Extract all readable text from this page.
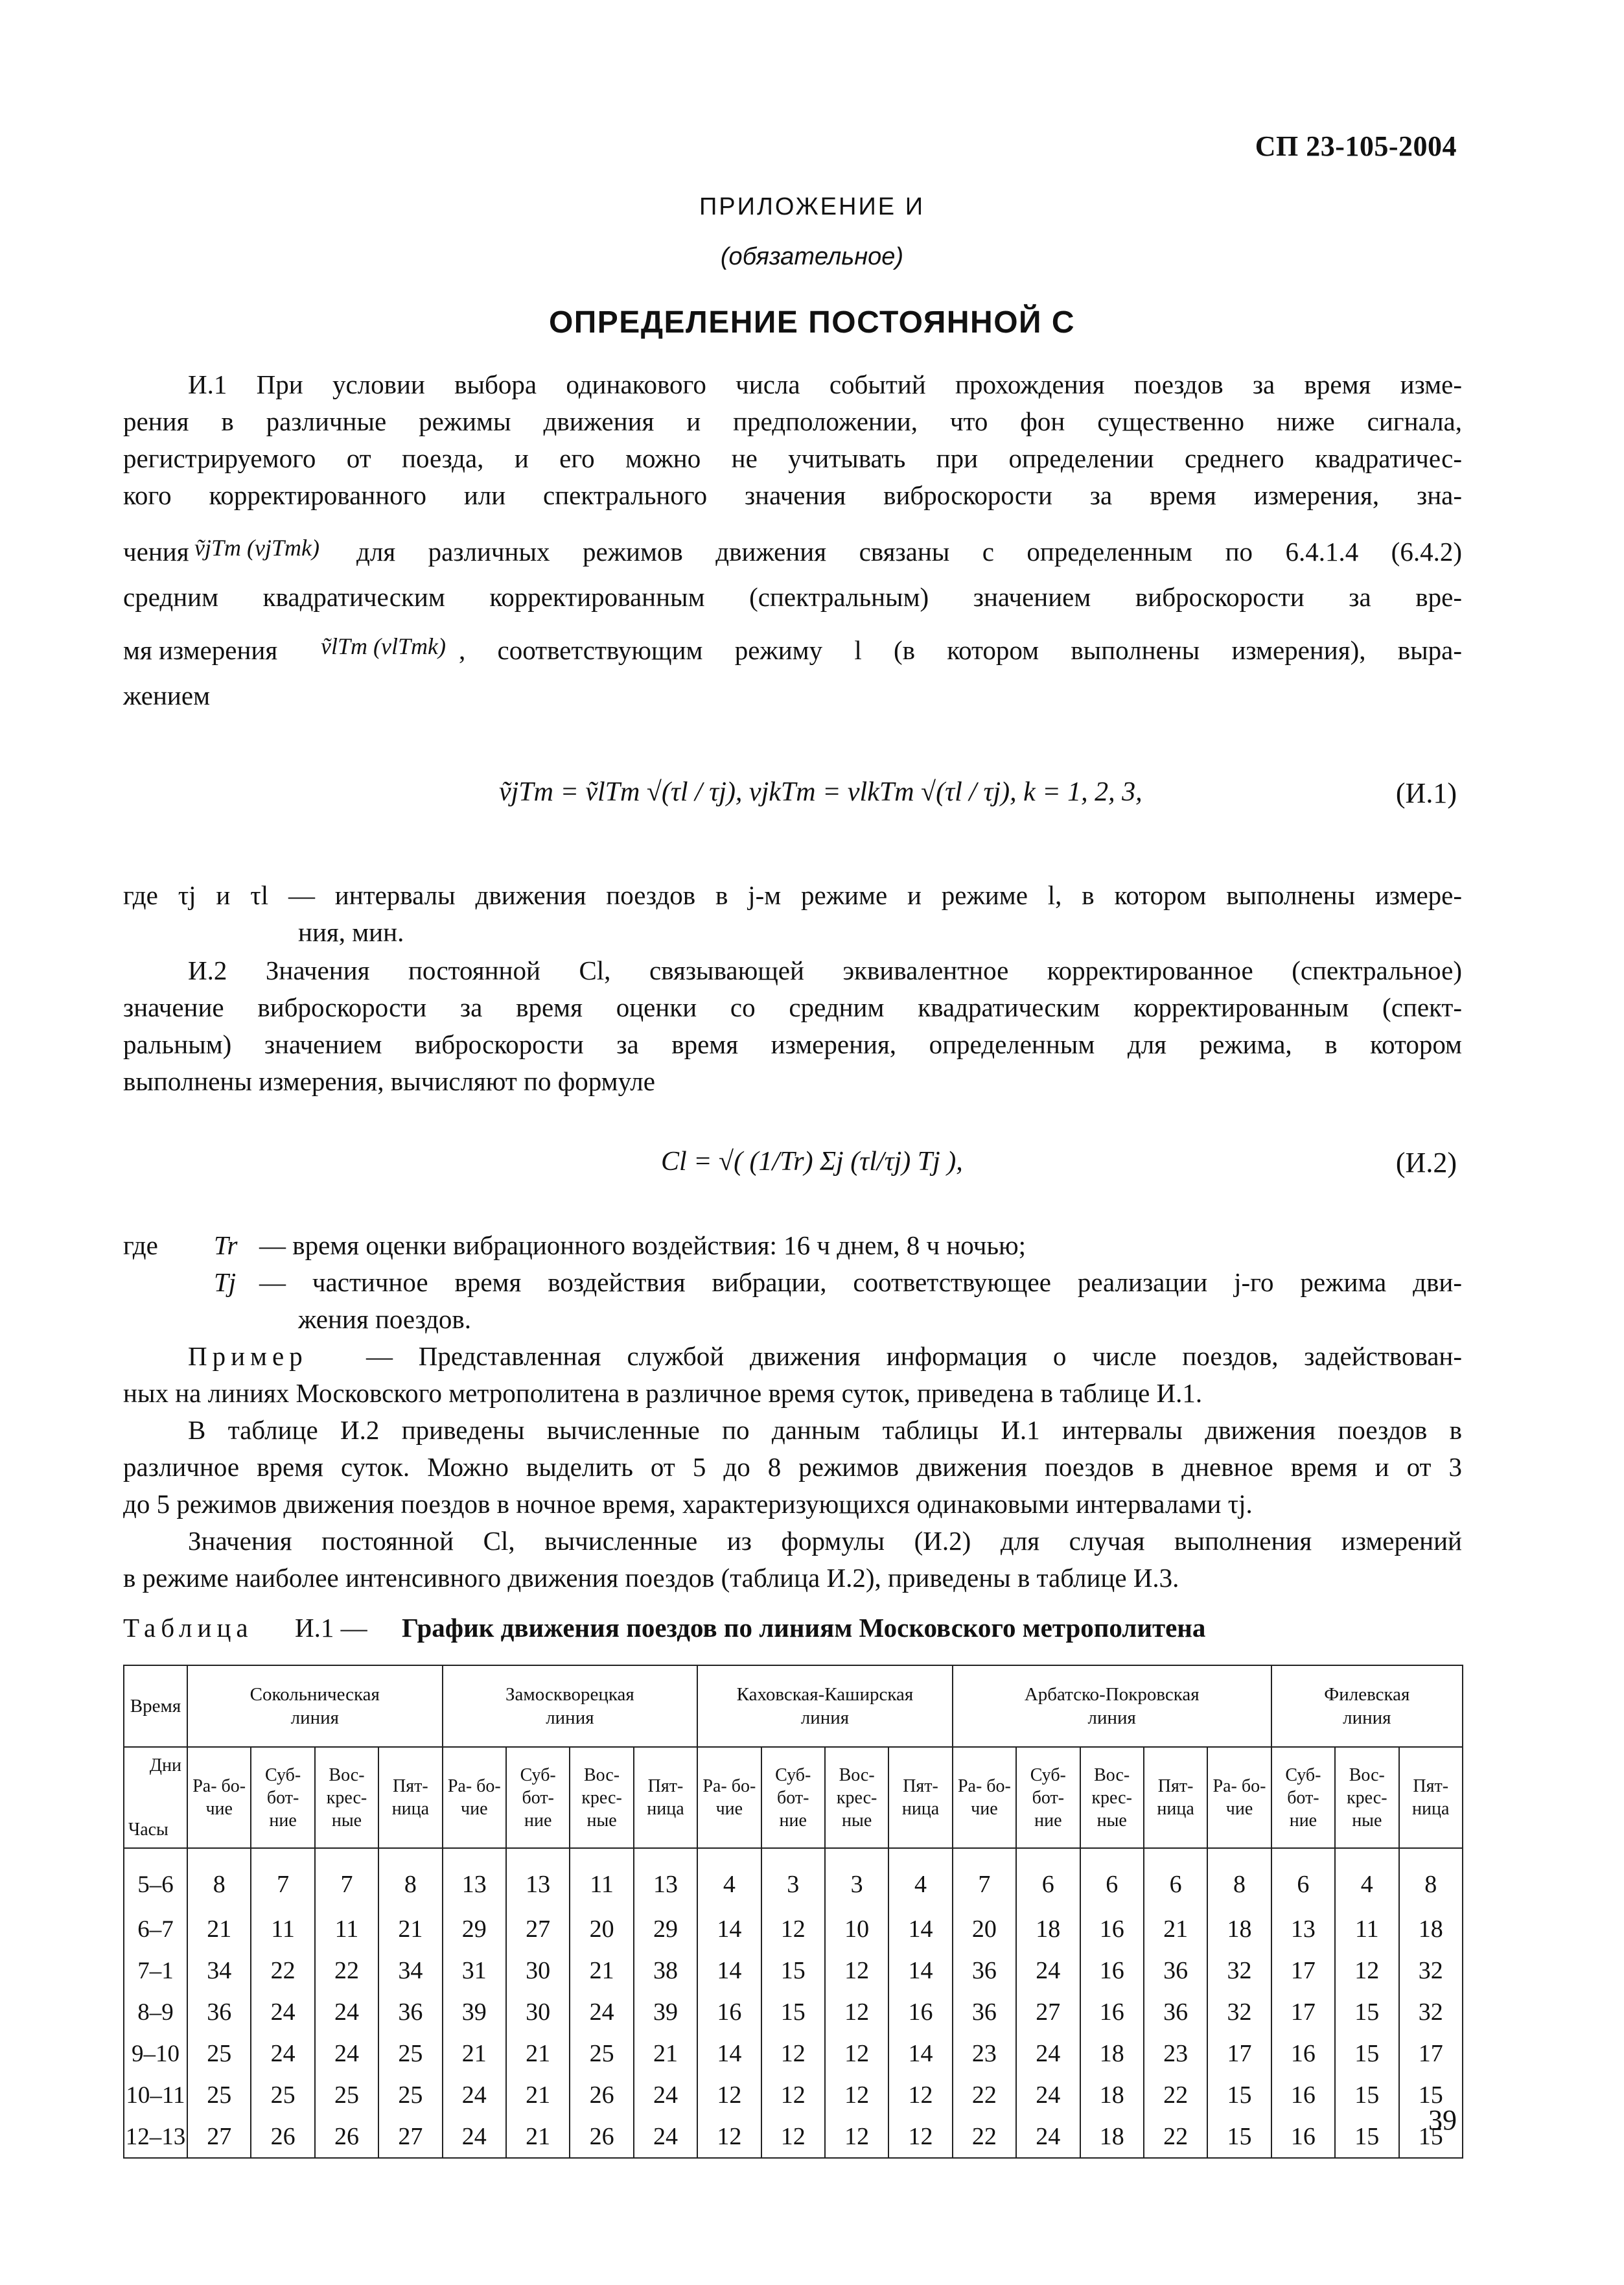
СП 23-105-2004
ПРИЛОЖЕНИЕ И
(обязательное)
ОПРЕДЕЛЕНИЕ ПОСТОЯННОЙ C
И.1 При условии выбора одинакового числа событий прохождения поездов за время изме-
рения в различные режимы движения и предположении, что фон существенно ниже сигнала,
регистрируемого от поезда, и его можно не учитывать при определении среднего квадратичес-
кого корректированного или спектрального значения виброскорости за время измерения, зна-
чения ṽjTm (vjTmk) для различных режимов движения связаны с определенным по 6.4.1.4 (6.4.2)
средним квадратическим корректированным (спектральным) значением виброскорости за вре-
мя измерения ṽlTm (vlTmk) , соответствующим режиму l (в котором выполнены измерения), выра-
жением
ṽjTm = ṽlTm √(τl / τj), vjkTm = vlkTm √(τl / τj), k = 1, 2, 3,	(И.1)
где τj и τl — интервалы движения поездов в j-м режиме и режиме l, в котором выполнены измере-
ния, мин.
И.2 Значения постоянной Cl, связывающей эквивалентное корректированное (спектральное)
значение виброскорости за время оценки со средним квадратическим корректированным (спект-
ральным) значением виброскорости за время измерения, определенным для режима, в котором
выполнены измерения, вычисляют по формуле
Cl = √( (1/Tr) Σj (τl/τj) Tj ),	(И.2)
где Tr — время оценки вибрационного воздействия: 16 ч днем, 8 ч ночью;
Tj — частичное время воздействия вибрации, соответствующее реализации j-го режима дви-
жения поездов.
Пример — Представленная службой движения информация о числе поездов, задействован-
ных на линиях Московского метрополитена в различное время суток, приведена в таблице И.1.
В таблице И.2 приведены вычисленные по данным таблицы И.1 интервалы движения поездов в
различное время суток. Можно выделить от 5 до 8 режимов движения поездов в дневное время и от 3
до 5 режимов движения поездов в ночное время, характеризующихся одинаковыми интервалами τj.
Значения постоянной Cl, вычисленные из формулы (И.2) для случая выполнения измерений
в режиме наиболее интенсивного движения поездов (таблица И.2), приведены в таблице И.3.
Таблица И.1 — График движения поездов по линиям Московского метрополитена
Время	Сокольническая линия				Замоскворецкая линия				Каховская-Каширская линия				Арбатско-Покровская линия					Филевская линия		

Дни
Часы	Ра- бо- чие	Суб- бот- ние	Вос- крес- ные	Пят- ница	Ра- бо- чие	Суб- бот- ние	Вос- крес- ные	Пят- ница	Ра- бо- чие	Суб- бот- ние	Вос- крес- ные	Пят- ница	Ра- бо- чие	Суб- бот- ние	Вос- крес- ные	Пят- ница	Ра- бо- чие	Суб- бот- ние	Вос- крес- ные	Пят- ница
5–6	8	7	7	8	13	13	11	13	4	3	3	4	7	6	6	6	8	6	4	8
6–7	21	11	11	21	29	27	20	29	14	12	10	14	20	18	16	21	18	13	11	18
7–1	34	22	22	34	31	30	21	38	14	15	12	14	36	24	16	36	32	17	12	32
8–9	36	24	24	36	39	30	24	39	16	15	12	16	36	27	16	36	32	17	15	32
9–10	25	24	24	25	21	21	25	21	14	12	12	14	23	24	18	23	17	16	15	17
10–11	25	25	25	25	24	21	26	24	12	12	12	12	22	24	18	22	15	16	15	15
12–13	27	26	26	27	24	21	26	24	12	12	12	12	22	24	18	22	15	16	15	15
39
